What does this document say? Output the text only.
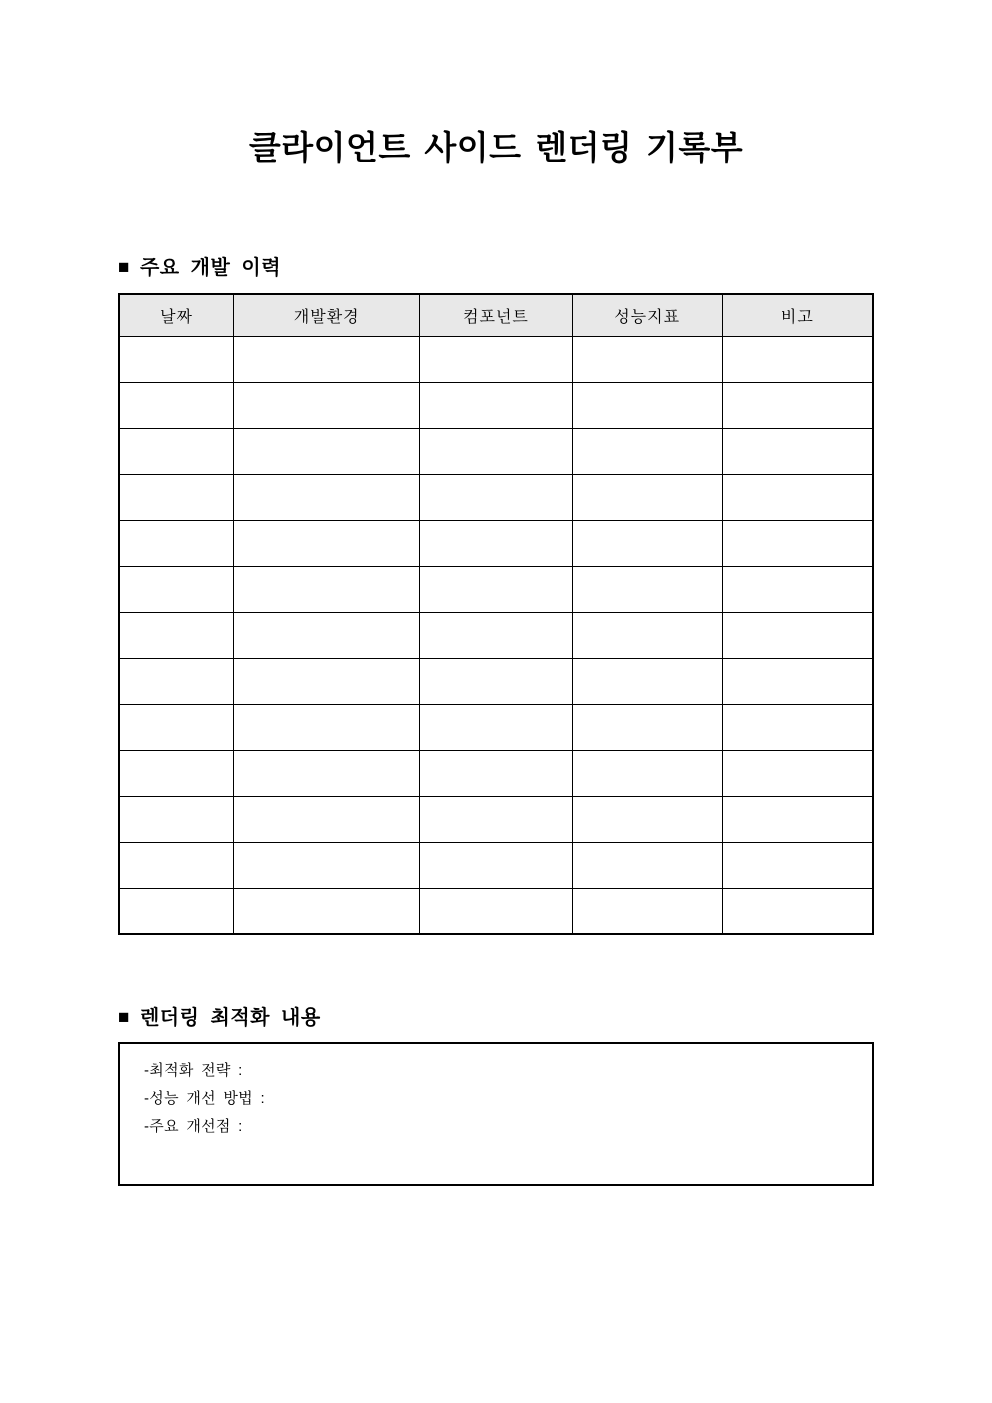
클라이언트 사이드 렌더링 기록부
■ 주요 개발 이력
날짜	개발환경	컴포넌트	성능지표	비고

■ 렌더링 최적화 내용
-최적화 전략 :
-성능 개선 방법 :
-주요 개선점 :
